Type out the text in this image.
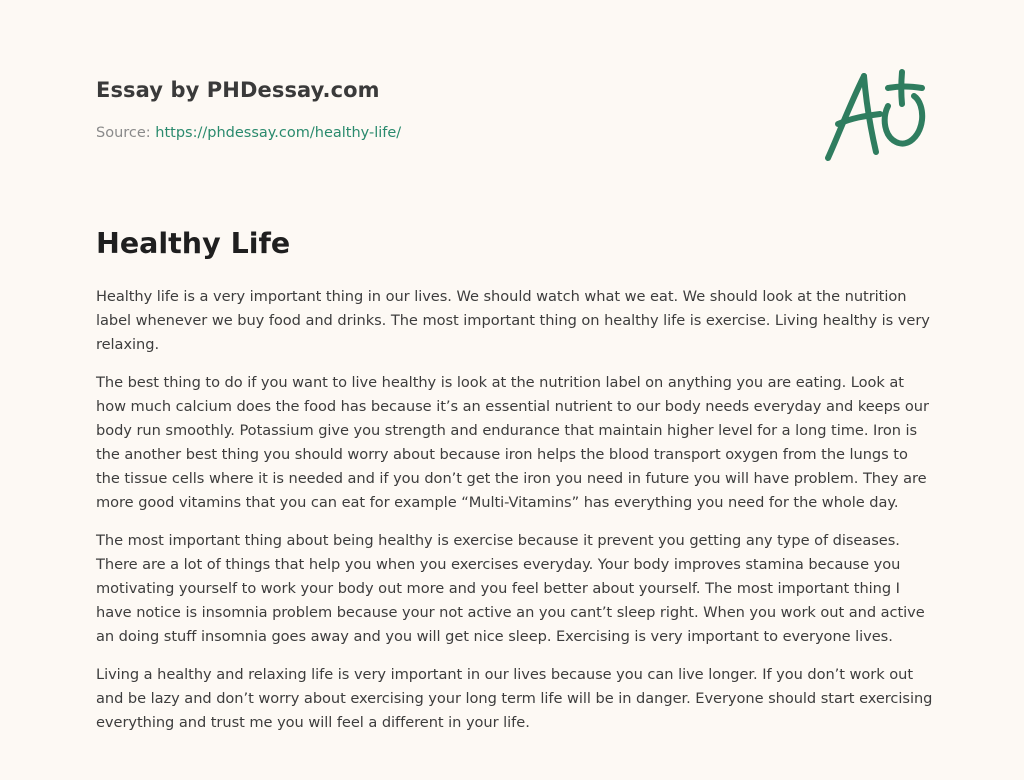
Essay by PHDessay.com
Source: https://phdessay.com/healthy-life/
Healthy Life

Healthy life is a very important thing in our lives. We should watch what we eat. We should look at the nutrition label whenever we buy food and drinks. The most important thing on healthy life is exercise. Living healthy is very relaxing.

The best thing to do if you want to live healthy is look at the nutrition label on anything you are eating. Look at how much calcium does the food has because it’s an essential nutrient to our body needs everyday and keeps our body run smoothly. Potassium give you strength and endurance that maintain higher level for a long time. Iron is the another best thing you should worry about because iron helps the blood transport oxygen from the lungs to the tissue cells where it is needed and if you don’t get the iron you need in future you will have problem. They are more good vitamins that you can eat for example “Multi-Vitamins” has everything you need for the whole day.

The most important thing about being healthy is exercise because it prevent you getting any type of diseases. There are a lot of things that help you when you exercises everyday. Your body improves stamina because you motivating yourself to work your body out more and you feel better about yourself. The most important thing I have notice is insomnia problem because your not active an you cant’t sleep right. When you work out and active an doing stuff insomnia goes away and you will get nice sleep. Exercising is very important to everyone lives.

Living a healthy and relaxing life is very important in our lives because you can live longer. If you don’t work out and be lazy and don’t worry about exercising your long term life will be in danger. Everyone should start exercising everything and trust me you will feel a different in your life.
